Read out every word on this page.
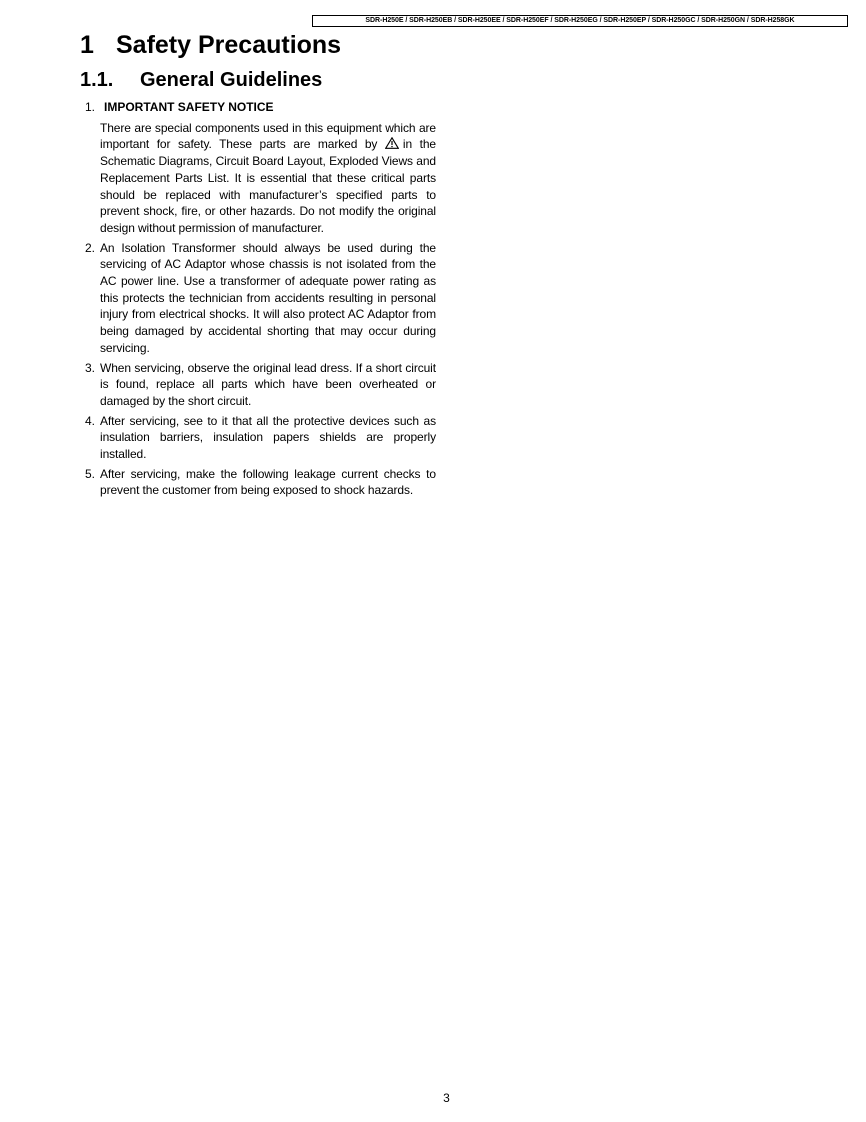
SDR-H250E / SDR-H250EB / SDR-H250EE / SDR-H250EF / SDR-H250EG / SDR-H250EP / SDR-H250GC / SDR-H250GN / SDR-H258GK
1 Safety Precautions
1.1. General Guidelines
1. IMPORTANT SAFETY NOTICE
There are special components used in this equipment which are important for safety. These parts are marked by in the Schematic Diagrams, Circuit Board Layout, Exploded Views and Replacement Parts List. It is essential that these critical parts should be replaced with manufacturer’s specified parts to prevent shock, fire, or other hazards. Do not modify the original design without permission of manufacturer.
2. An Isolation Transformer should always be used during the servicing of AC Adaptor whose chassis is not isolated from the AC power line. Use a transformer of adequate power rating as this protects the technician from accidents resulting in personal injury from electrical shocks. It will also protect AC Adaptor from being damaged by accidental shorting that may occur during servicing.
3. When servicing, observe the original lead dress. If a short circuit is found, replace all parts which have been overheated or damaged by the short circuit.
4. After servicing, see to it that all the protective devices such as insulation barriers, insulation papers shields are properly installed.
5. After servicing, make the following leakage current checks to prevent the customer from being exposed to shock hazards.
3
